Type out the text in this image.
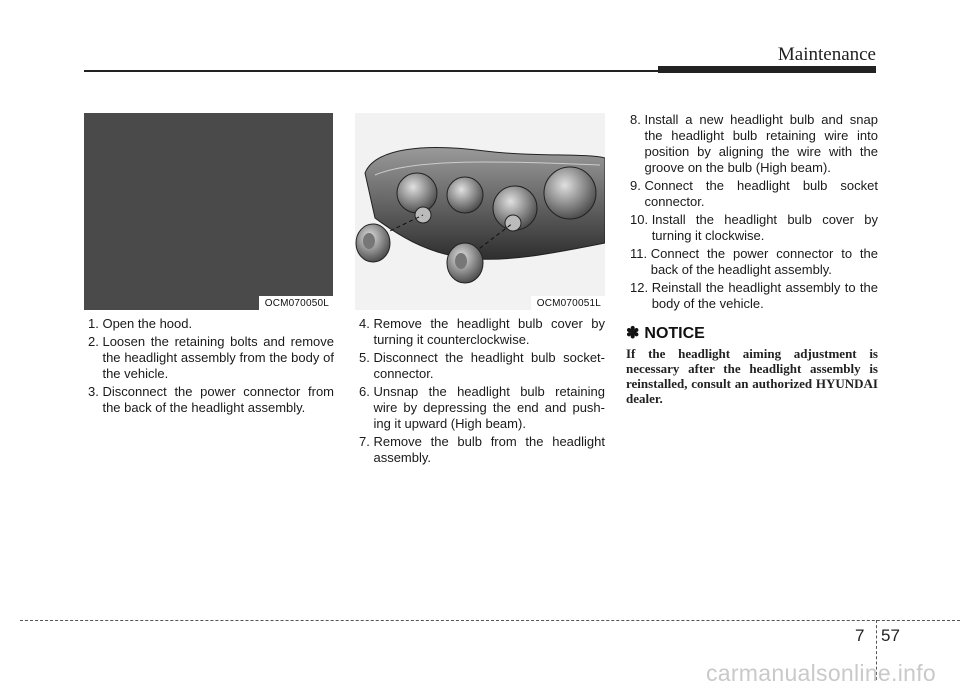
Maintenance
OCM070050L	OCM070051L
1. Open the hood.
2. Loosen the retaining bolts and remove the headlight assembly from the body of the vehicle.
3. Disconnect the power connector from the back of the headlight assembly.
4. Remove the headlight bulb cover by turning it counterclockwise.
5. Disconnect the headlight bulb socket-connector.
6. Unsnap the headlight bulb retaining wire by depressing the end and push-ing it upward (High beam).
7. Remove the bulb from the headlight assembly.
8. Install a new headlight bulb and snap the headlight bulb retaining wire into position by aligning the wire with the groove on the bulb (High beam).
9. Connect the headlight bulb socket connector.
10. Install the headlight bulb cover by turning it clockwise.
11. Connect the power connector to the back of the headlight assembly.
12. Reinstall the headlight assembly to the body of the vehicle.
✽ NOTICE
If the headlight aiming adjustment is necessary after the headlight assembly is reinstalled, consult an authorized HYUNDAI dealer.
7 57
carmanualsonline.info
